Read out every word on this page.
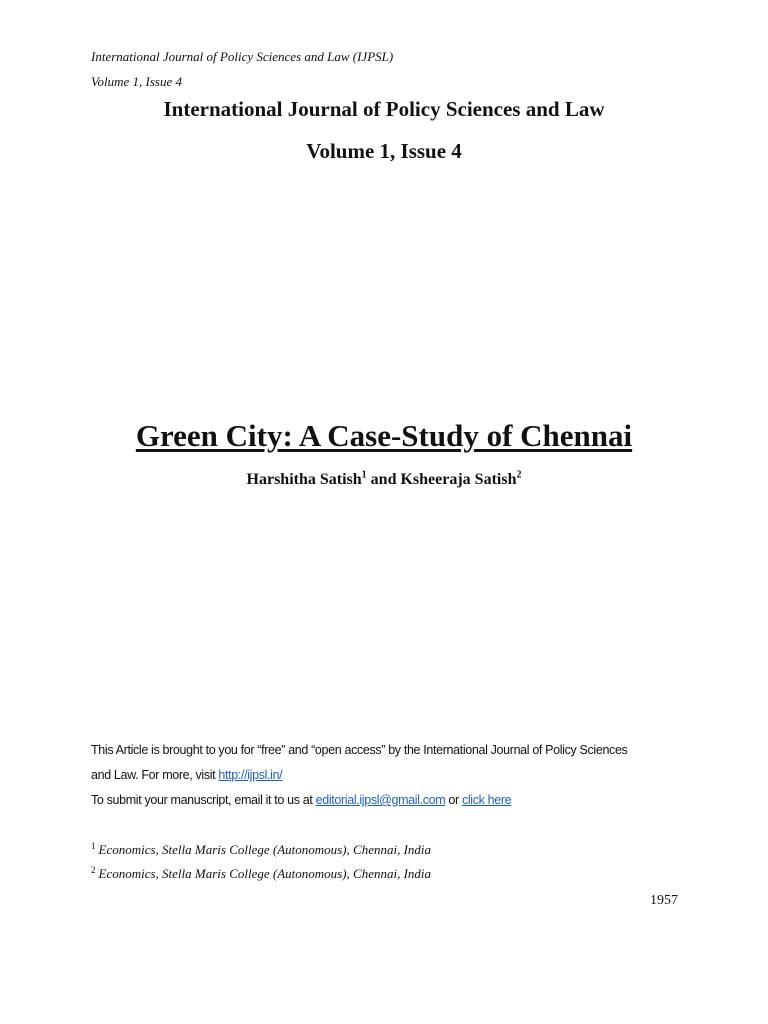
International Journal of Policy Sciences and Law (IJPSL)
Volume 1, Issue 4
International Journal of Policy Sciences and Law
Volume 1, Issue 4
Green City: A Case-Study of Chennai
Harshitha Satish$^1$ and Ksheeraja Satish$^2$
This Article is brought to you for “free” and “open access” by the International Journal of Policy Sciences
and Law. For more, visit http://ijpsl.in/
To submit your manuscript, email it to us at editorial.ijpsl@gmail.com or click here
$^1$ Economics, Stella Maris College (Autonomous), Chennai, India
$^2$ Economics, Stella Maris College (Autonomous), Chennai, India
1957
